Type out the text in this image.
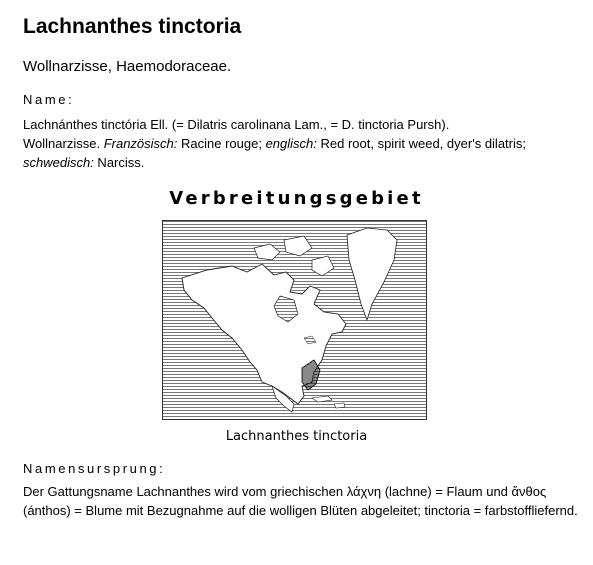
Lachnanthes tinctoria

Wollnarzisse, Haemodoraceae.

Name:

Lachnánthes tinctória Ell. (= Dilatris carolinana Lam., = D. tinctoria Pursh).
Wollnarzisse. Französisch: Racine rouge; englisch: Red root, spirit weed, dyer's dilatris;
schwedisch: Narciss.

Verbreitungsgebiet

Lachnanthes tinctoria

Namensursprung:

Der Gattungsname Lachnanthes wird vom griechischen λάχνη (lachne) = Flaum und ἄνθος (ánthos) = Blume mit Bezugnahme auf die wolligen Blüten abgeleitet; tinctoria = farbstoffliefernd.
